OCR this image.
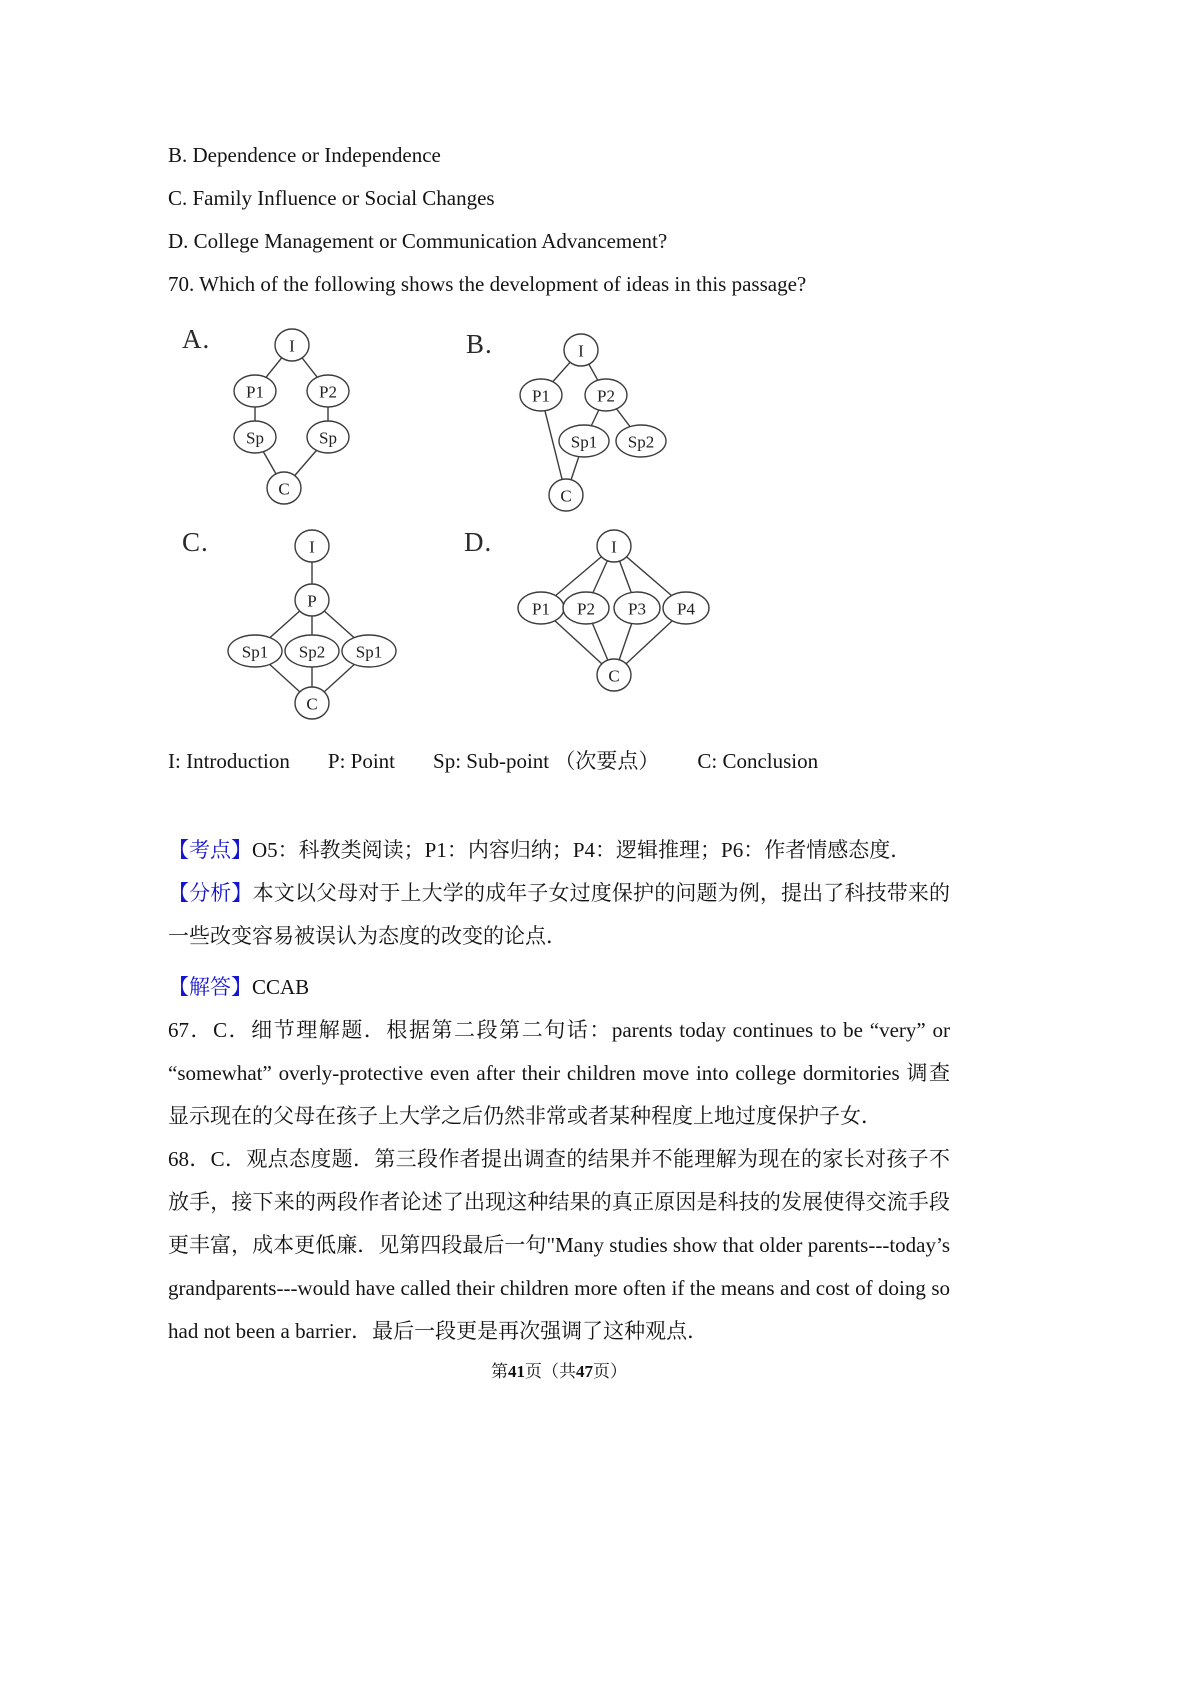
B. Dependence or Independence

C. Family Influence or Social Changes

D. College Management or Communication Advancement?

70. Which of the following shows the development of ideas in this passage?

A.	I
P1	P2
Sp	Sp
C
B.	I
P1	P2
Sp1 Sp2
C
C.	I
P
Sp1 Sp2 Sp1
C
D.	I
P1 P2 P3 P4
C
I: Introduction P: Point Sp: Sub-point （次要点） C: Conclusion

【考点】O5：科教类阅读；P1：内容归纳；P4：逻辑推理；P6：作者情感态度．

【分析】本文以父母对于上大学的成年子女过度保护的问题为例，提出了科技带来的一些改变容易被误认为态度的改变的论点．

【解答】CCAB

67．C．细节理解题．根据第二段第二句话：parents today continues to be “very” or “somewhat” overly-protective even after their children move into college dormitories 调查显示现在的父母在孩子上大学之后仍然非常或者某种程度上地过度保护子女．

68．C．观点态度题．第三段作者提出调查的结果并不能理解为现在的家长对孩子不放手，接下来的两段作者论述了出现这种结果的真正原因是科技的发展使得交流手段更丰富，成本更低廉．见第四段最后一句"Many studies show that older parents---today’s grandparents---would have called their children more often if the means and cost of doing so had not been a barrier．最后一段更是再次强调了这种观点．

第41页（共47页）
